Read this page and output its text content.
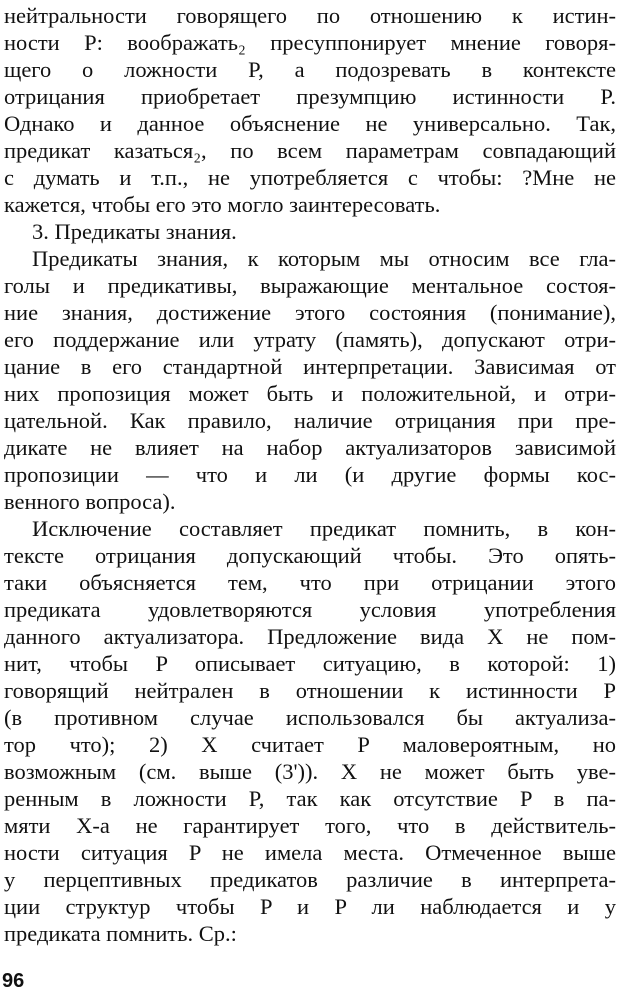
нейтральности говорящего по отношению к истин-
ности P: воображать₂ пресуппонирует мнение говоря-
щего о ложности P, а подозревать в контексте
отрицания приобретает презумпцию истинности P.
Однако и данное объяснение не универсально. Так,
предикат казаться₂, по всем параметрам совпадающий
с думать и т.п., не употребляется с чтобы: ?Мне не
кажется, чтобы его это могло заинтересовать.
3. Предикаты знания.
Предикаты знания, к которым мы относим все гла-
голы и предикативы, выражающие ментальное состоя-
ние знания, достижение этого состояния (понимание),
его поддержание или утрату (память), допускают отри-
цание в его стандартной интерпретации. Зависимая от
них пропозиция может быть и положительной, и отри-
цательной. Как правило, наличие отрицания при пре-
дикате не влияет на набор актуализаторов зависимой
пропозиции — что и ли (и другие формы кос-
венного вопроса).
Исключение составляет предикат помнить, в кон-
тексте отрицания допускающий чтобы. Это опять-
таки объясняется тем, что при отрицании этого
предиката удовлетворяются условия употребления
данного актуализатора. Предложение вида X не пом-
нит, чтобы P описывает ситуацию, в которой: 1)
говорящий нейтрален в отношении к истинности P
(в противном случае использовался бы актуализа-
тор что); 2) X считает P маловероятным, но
возможным (см. выше (3')). X не может быть уве-
ренным в ложности P, так как отсутствие P в па-
мяти X-а не гарантирует того, что в действитель-
ности ситуация P не имела места. Отмеченное выше
у перцептивных предикатов различие в интерпрета-
ции структур чтобы P и P ли наблюдается и у
предиката помнить. Ср.:
96
